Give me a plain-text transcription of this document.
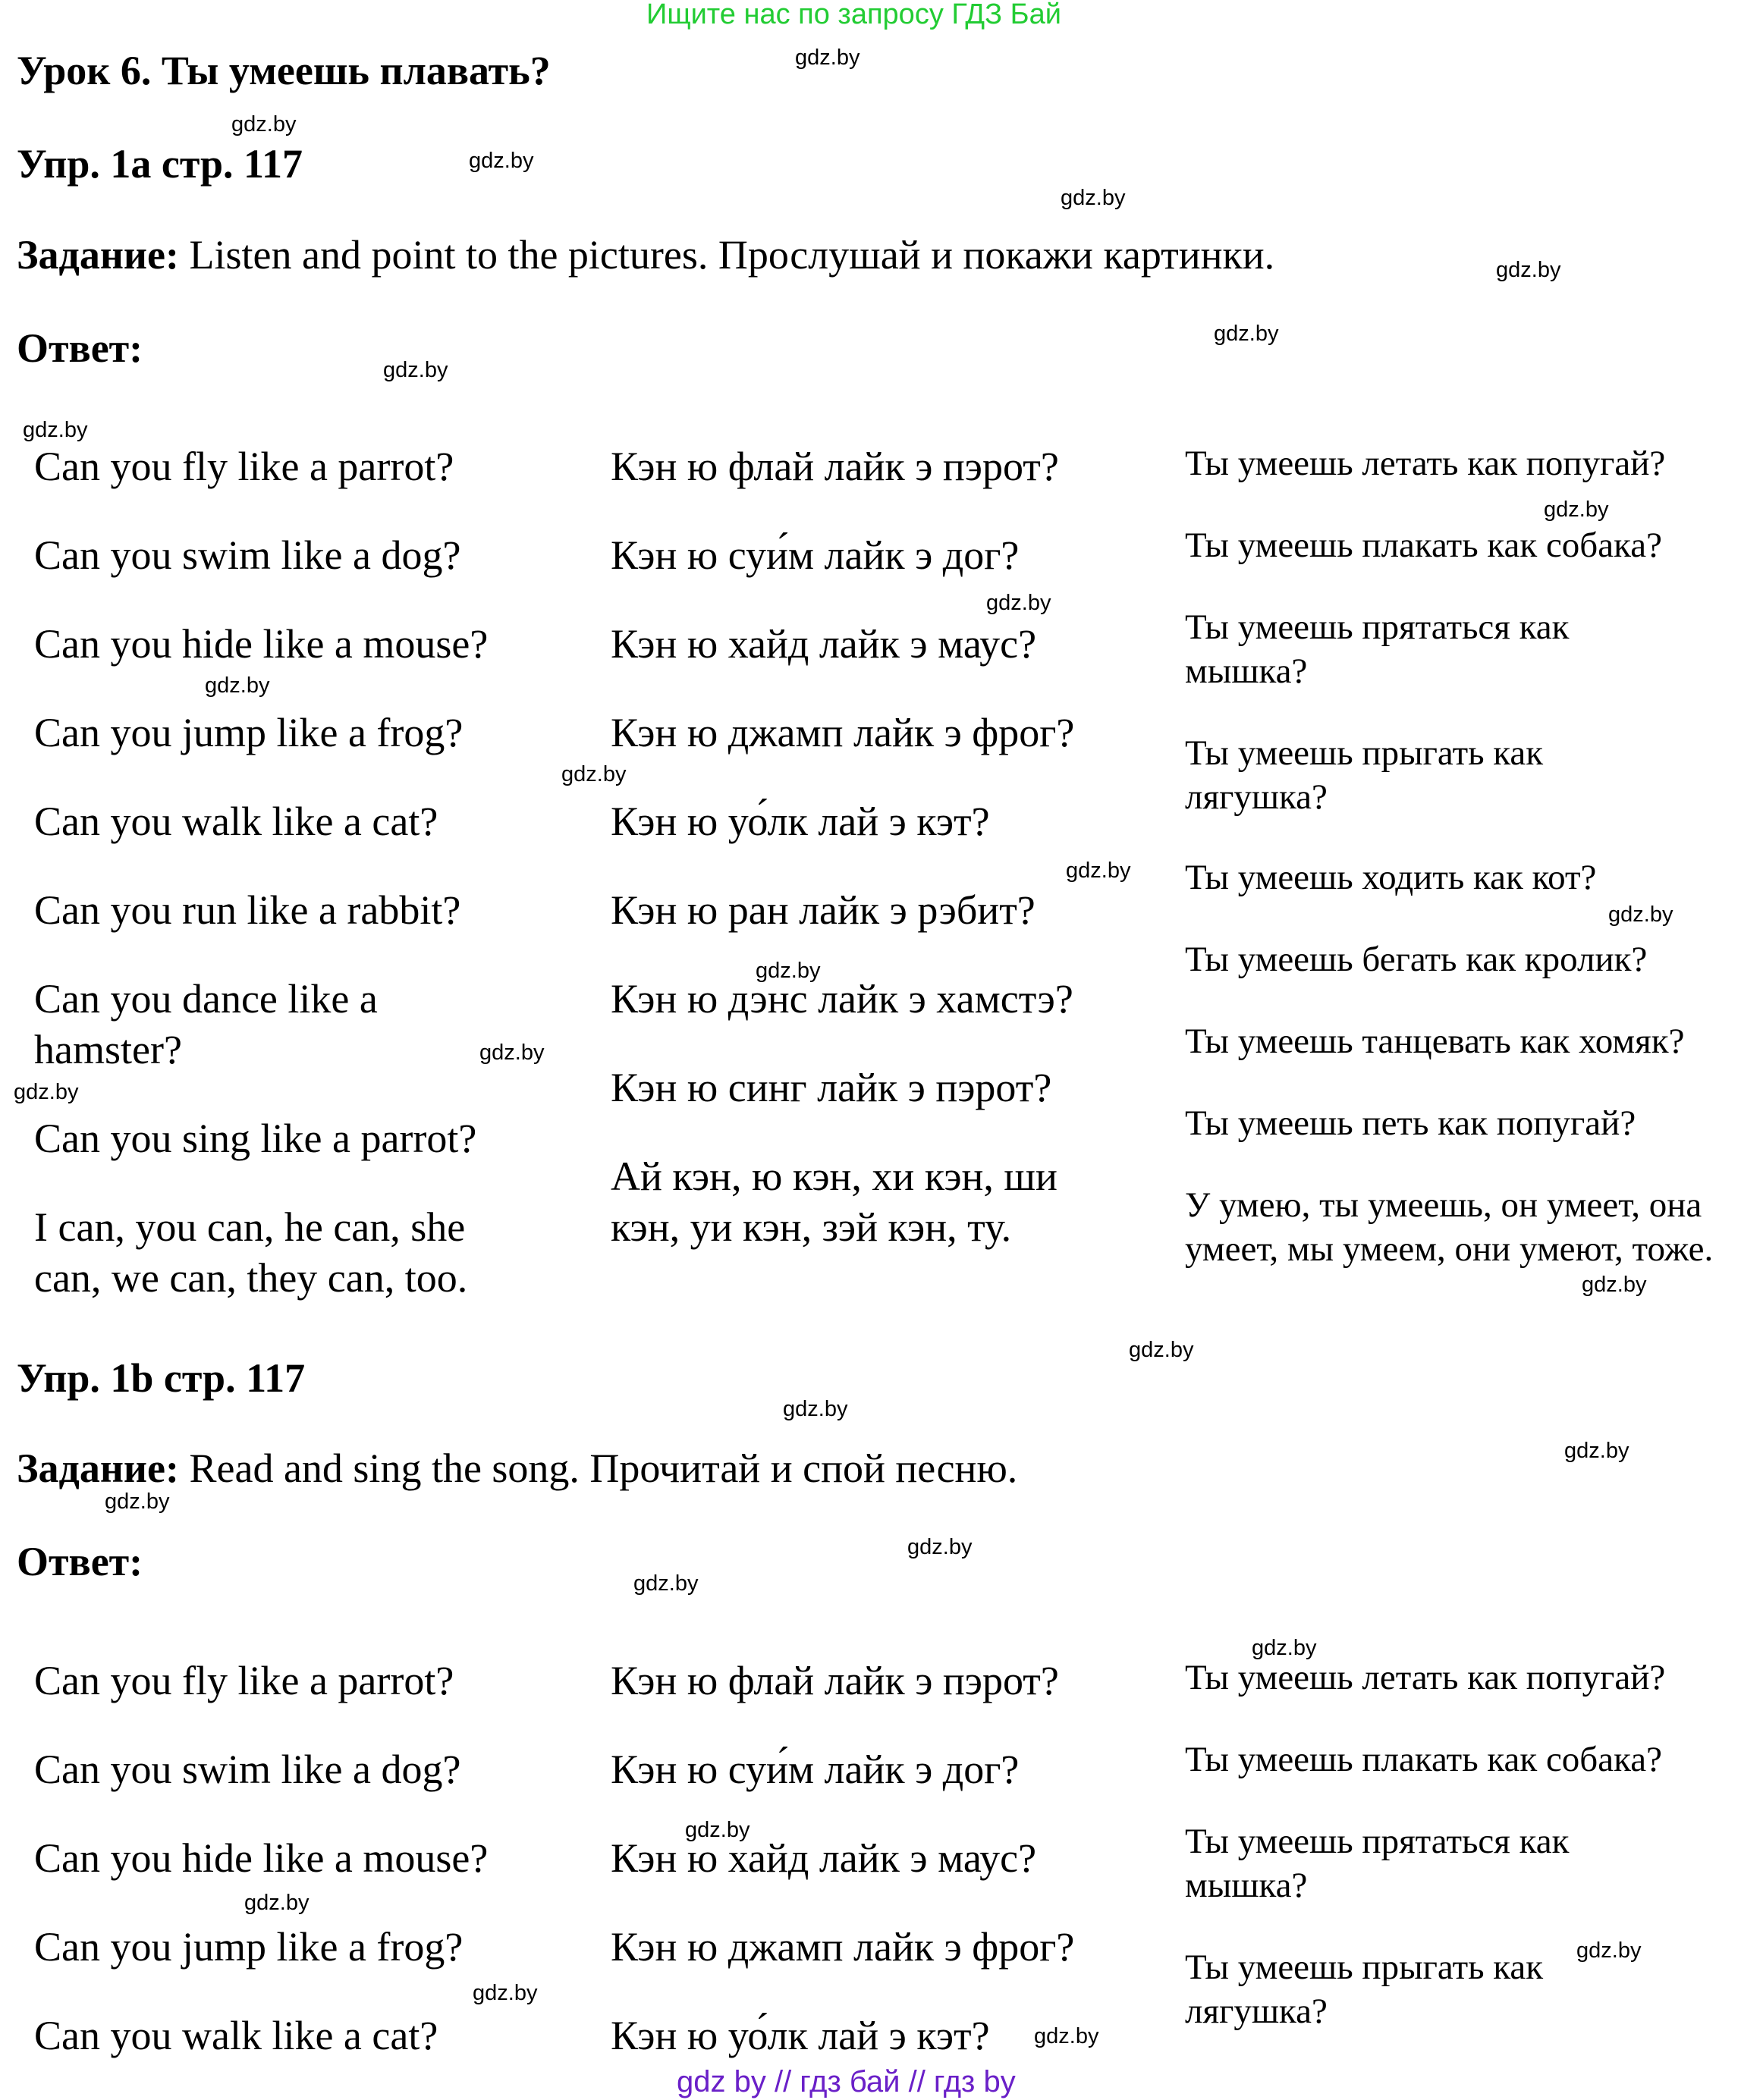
Ищите нас по запросу ГДЗ Бай
Урок 6. Ты умеешь плавать?
Упр. 1a стр. 117
Задание: Listen and point to the pictures. Прослушай и покажи картинки.
Ответ:
Can you fly like a parrot?
Can you swim like a dog?
Can you hide like a mouse?
Can you jump like a frog?
Can you walk like a cat?
Can you run like a rabbit?
Can you dance like a hamster?
Can you sing like a parrot?
I can, you can, he can, she can, we can, they can, too.
Кэн ю флай лайк э пэрот?
Кэн ю суи́м лайк э дог?
Кэн ю хайд лайк э маус?
Кэн ю джамп лайк э фрог?
Кэн ю уо́лк лай э кэт?
Кэн ю ран лайк э рэбит?
Кэн ю дэнс лайк э хамстэ?
Кэн ю синг лайк э пэрот?
Ай кэн, ю кэн, хи кэн, ши кэн, уи кэн, зэй кэн, ту.
Ты умеешь летать как попугай?
Ты умеешь плакать как собака?
Ты умеешь прятаться как мышка?
Ты умеешь прыгать как лягушка?
Ты умеешь ходить как кот?
Ты умеешь бегать как кролик?
Ты умеешь танцевать как хомяк?
Ты умеешь петь как попугай?
У умею, ты умеешь, он умеет, она умеет, мы умеем, они умеют, тоже.
Упр. 1b стр. 117
Задание: Read and sing the song. Прочитай и спой песню.
Ответ:
Can you fly like a parrot?
Can you swim like a dog?
Can you hide like a mouse?
Can you jump like a frog?
Can you walk like a cat?
Кэн ю флай лайк э пэрот?
Кэн ю суи́м лайк э дог?
Кэн ю хайд лайк э маус?
Кэн ю джамп лайк э фрог?
Кэн ю уо́лк лай э кэт?
Ты умеешь летать как попугай?
Ты умеешь плакать как собака?
Ты умеешь прятаться как мышка?
Ты умеешь прыгать как лягушка?
gdz.by
gdz.by
gdz.by
gdz.by
gdz.by
gdz.by
gdz.by
gdz.by
gdz.by
gdz.by
gdz.by
gdz.by
gdz.by
gdz.by
gdz.by
gdz.by
gdz.by
gdz.by
gdz.by
gdz.by
gdz.by
gdz.by
gdz.by
gdz.by
gdz.by
gdz.by
gdz.by
gdz.by
gdz.by
gdz.by
gdz by // гдз бай // гдз by
